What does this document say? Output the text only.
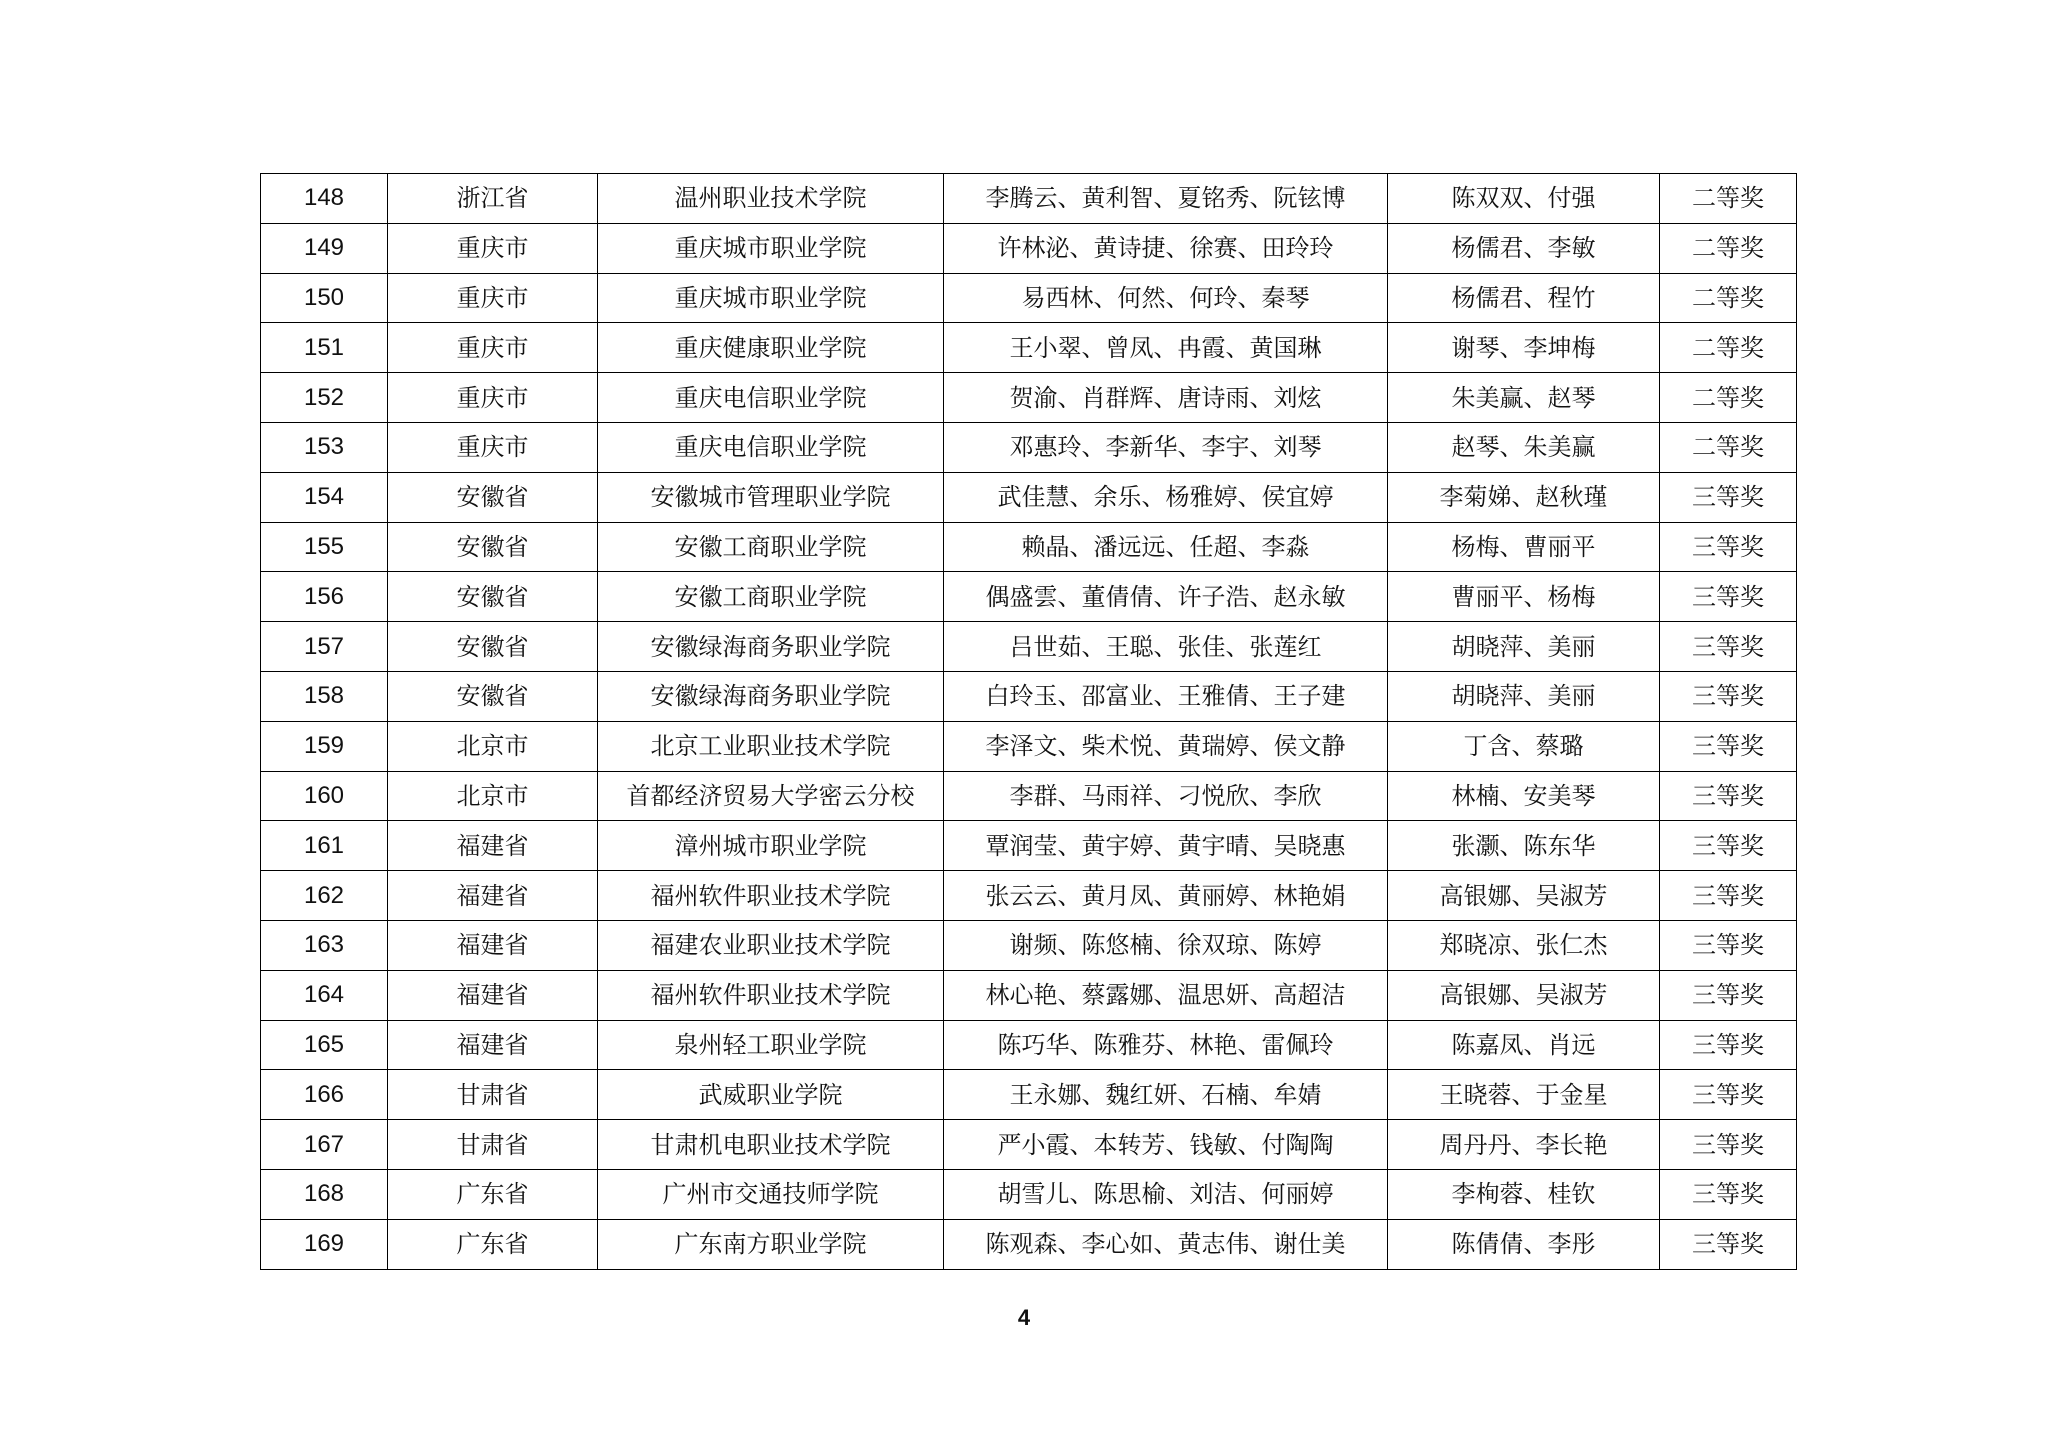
148	浙江省	温州职业技术学院	李腾云、黄利智、夏铭秀、阮铉博	陈双双、付强	二等奖
149	重庆市	重庆城市职业学院	许林泌、黄诗捷、徐赛、田玲玲	杨儒君、李敏	二等奖
150	重庆市	重庆城市职业学院	易西林、何然、何玲、秦琴	杨儒君、程竹	二等奖
151	重庆市	重庆健康职业学院	王小翠、曾凤、冉霞、黄国琳	谢琴、李坤梅	二等奖
152	重庆市	重庆电信职业学院	贺渝、肖群辉、唐诗雨、刘炫	朱美赢、赵琴	二等奖
153	重庆市	重庆电信职业学院	邓惠玲、李新华、李宇、刘琴	赵琴、朱美赢	二等奖
154	安徽省	安徽城市管理职业学院	武佳慧、余乐、杨雅婷、侯宜婷	李菊娣、赵秋瑾	三等奖
155	安徽省	安徽工商职业学院	赖晶、潘远远、任超、李淼	杨梅、曹丽平	三等奖
156	安徽省	安徽工商职业学院	偶盛雲、董倩倩、许子浩、赵永敏	曹丽平、杨梅	三等奖
157	安徽省	安徽绿海商务职业学院	吕世茹、王聪、张佳、张莲红	胡晓萍、美丽	三等奖
158	安徽省	安徽绿海商务职业学院	白玲玉、邵富业、王雅倩、王子建	胡晓萍、美丽	三等奖
159	北京市	北京工业职业技术学院	李泽文、柴术悦、黄瑞婷、侯文静	丁含、蔡璐	三等奖
160	北京市	首都经济贸易大学密云分校	李群、马雨祥、刁悦欣、李欣	林楠、安美琴	三等奖
161	福建省	漳州城市职业学院	覃润莹、黄宇婷、黄宇晴、吴晓惠	张灏、陈东华	三等奖
162	福建省	福州软件职业技术学院	张云云、黄月凤、黄丽婷、林艳娟	高银娜、吴淑芳	三等奖
163	福建省	福建农业职业技术学院	谢频、陈悠楠、徐双琼、陈婷	郑晓凉、张仁杰	三等奖
164	福建省	福州软件职业技术学院	林心艳、蔡露娜、温思妍、高超洁	高银娜、吴淑芳	三等奖
165	福建省	泉州轻工职业学院	陈巧华、陈雅芬、林艳、雷佩玲	陈嘉凤、肖远	三等奖
166	甘肃省	武威职业学院	王永娜、魏红妍、石楠、牟婧	王晓蓉、于金星	三等奖
167	甘肃省	甘肃机电职业技术学院	严小霞、本转芳、钱敏、付陶陶	周丹丹、李长艳	三等奖
168	广东省	广州市交通技师学院	胡雪儿、陈思榆、刘洁、何丽婷	李栒蓉、桂钦	三等奖
169	广东省	广东南方职业学院	陈观森、李心如、黄志伟、谢仕美	陈倩倩、李彤	三等奖
4
